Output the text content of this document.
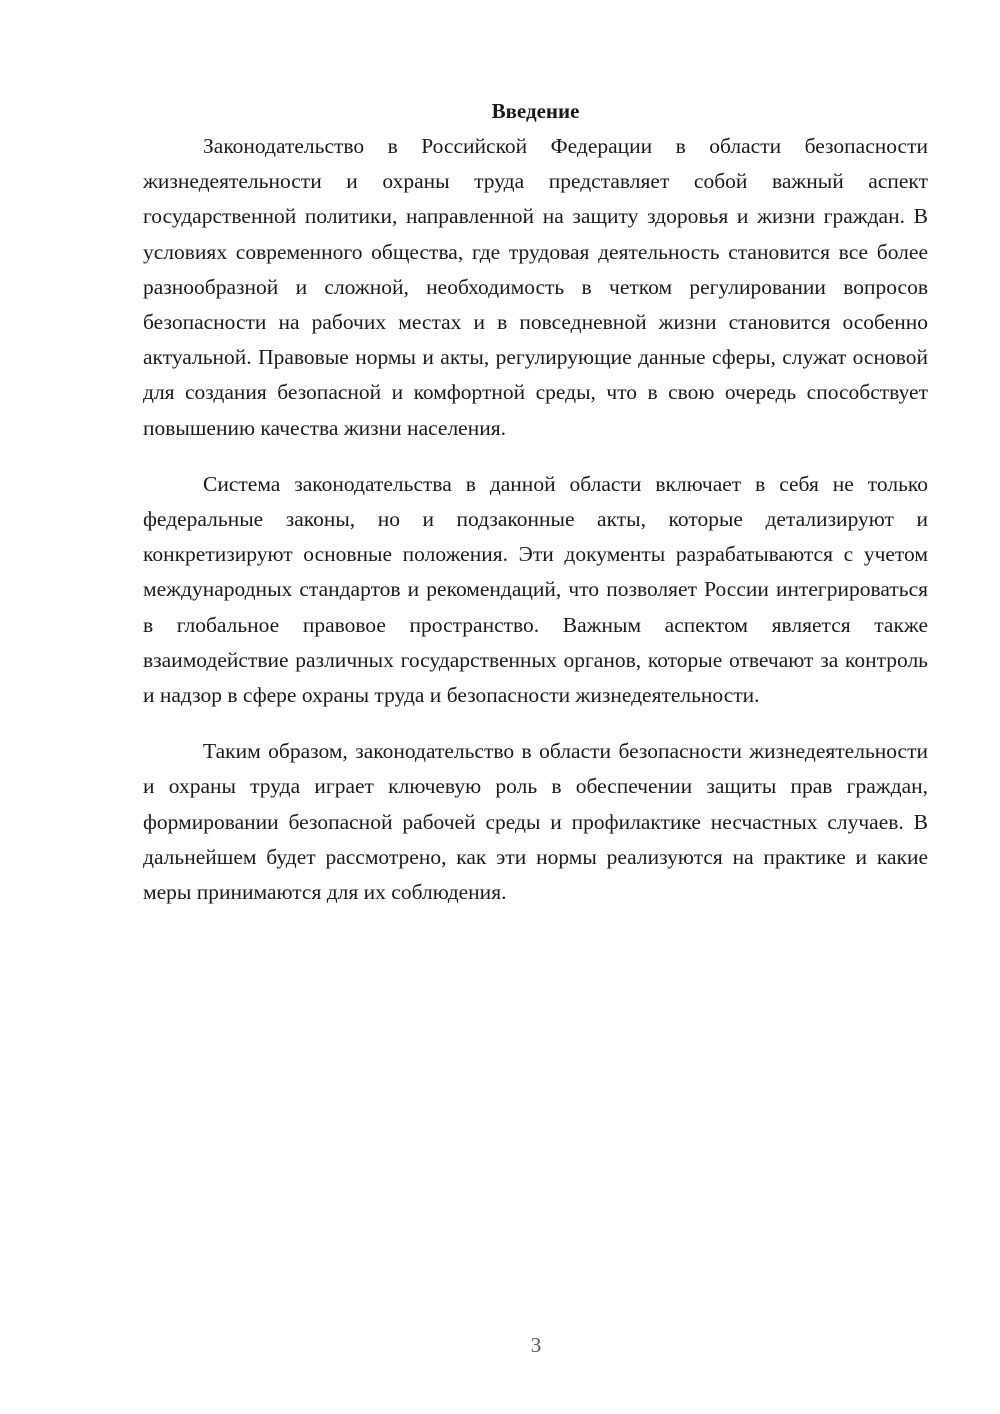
Введение

Законодательство в Российской Федерации в области безопасности жизнедеятельности и охраны труда представляет собой важный аспект государственной политики, направленной на защиту здоровья и жизни граждан. В условиях современного общества, где трудовая деятельность становится все более разнообразной и сложной, необходимость в четком регулировании вопросов безопасности на рабочих местах и в повседневной жизни становится особенно актуальной. Правовые нормы и акты, регулирующие данные сферы, служат основой для создания безопасной и комфортной среды, что в свою очередь способствует повышению качества жизни населения.

Система законодательства в данной области включает в себя не только федеральные законы, но и подзаконные акты, которые детализируют и конкретизируют основные положения. Эти документы разрабатываются с учетом международных стандартов и рекомендаций, что позволяет России интегрироваться в глобальное правовое пространство. Важным аспектом является также взаимодействие различных государственных органов, которые отвечают за контроль и надзор в сфере охраны труда и безопасности жизнедеятельности.

Таким образом, законодательство в области безопасности жизнедеятельности и охраны труда играет ключевую роль в обеспечении защиты прав граждан, формировании безопасной рабочей среды и профилактике несчастных случаев. В дальнейшем будет рассмотрено, как эти нормы реализуются на практике и какие меры принимаются для их соблюдения.

3
